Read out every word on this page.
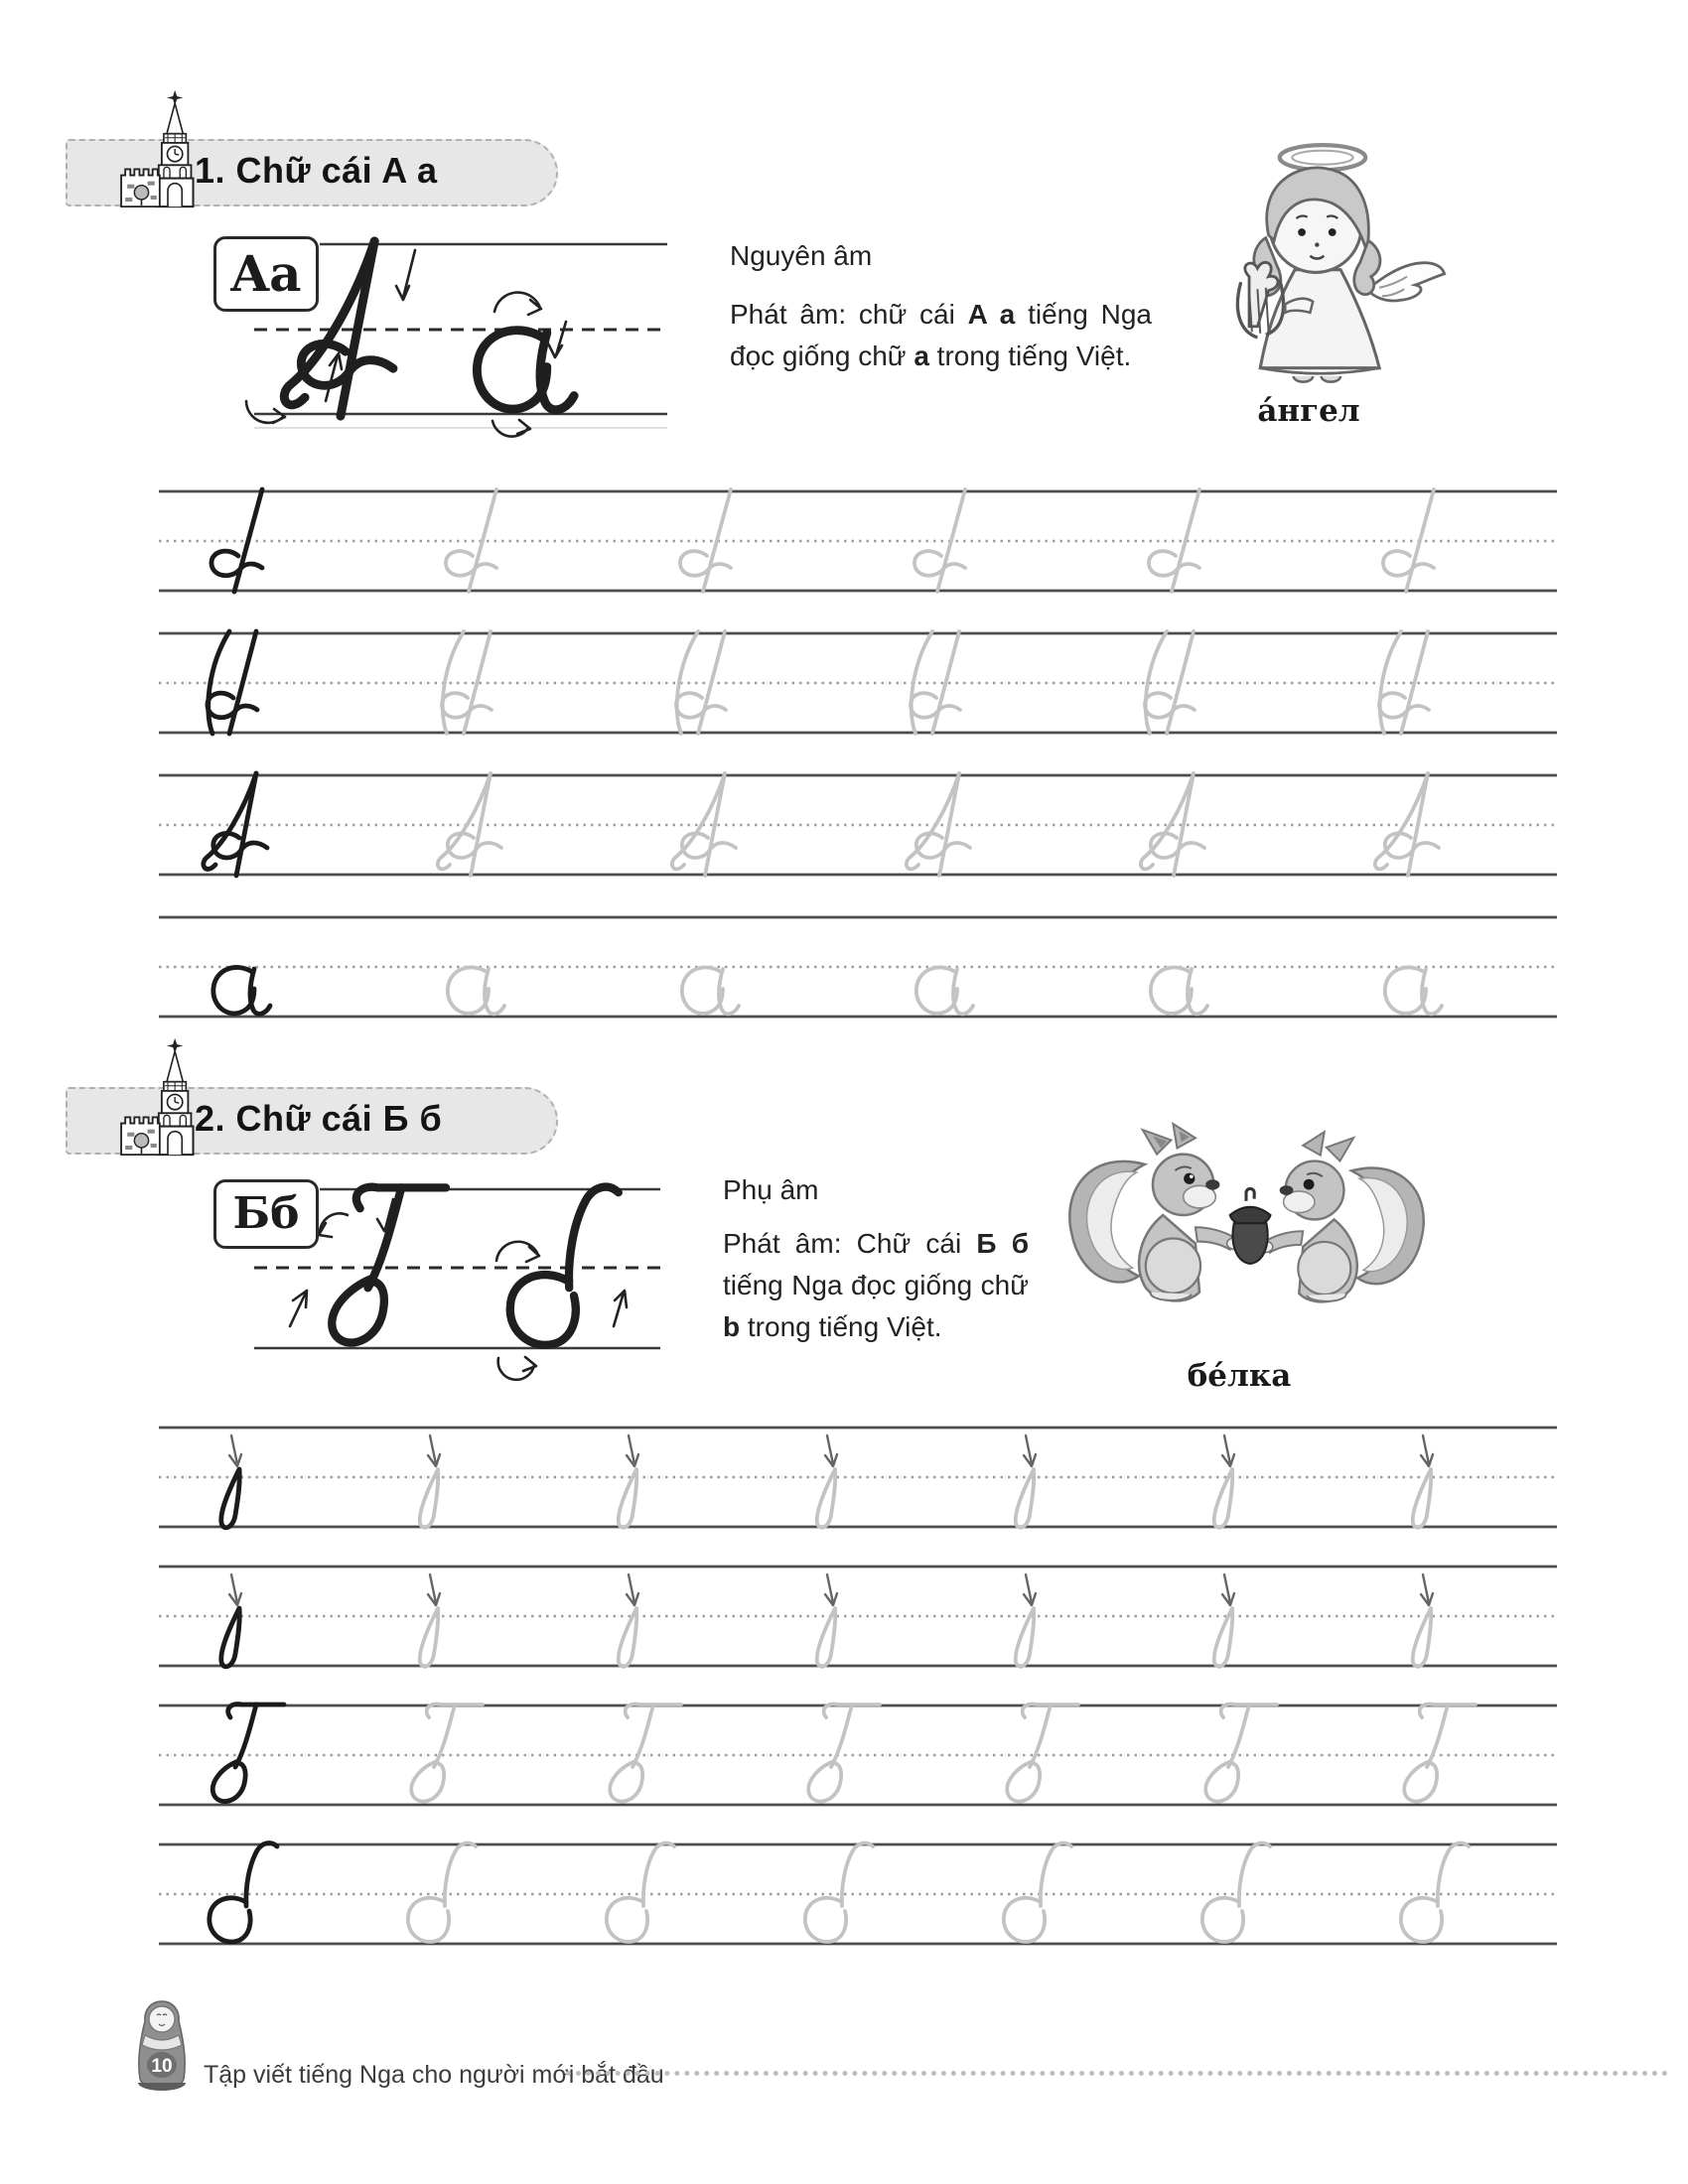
1. Chữ cái A a
Aa	Nguyên âm
Phát âm: chữ cái A a tiếng Nga đọc giống chữ a trong tiếng Việt.
а́нгел
2. Chữ cái Б б
Бб	Phụ âm
Phát âm: Chữ cái Б б tiếng Nga đọc giống chữ b trong tiếng Việt.
бе́лка
10 Tập viết tiếng Nga cho người mới bắt đầu
